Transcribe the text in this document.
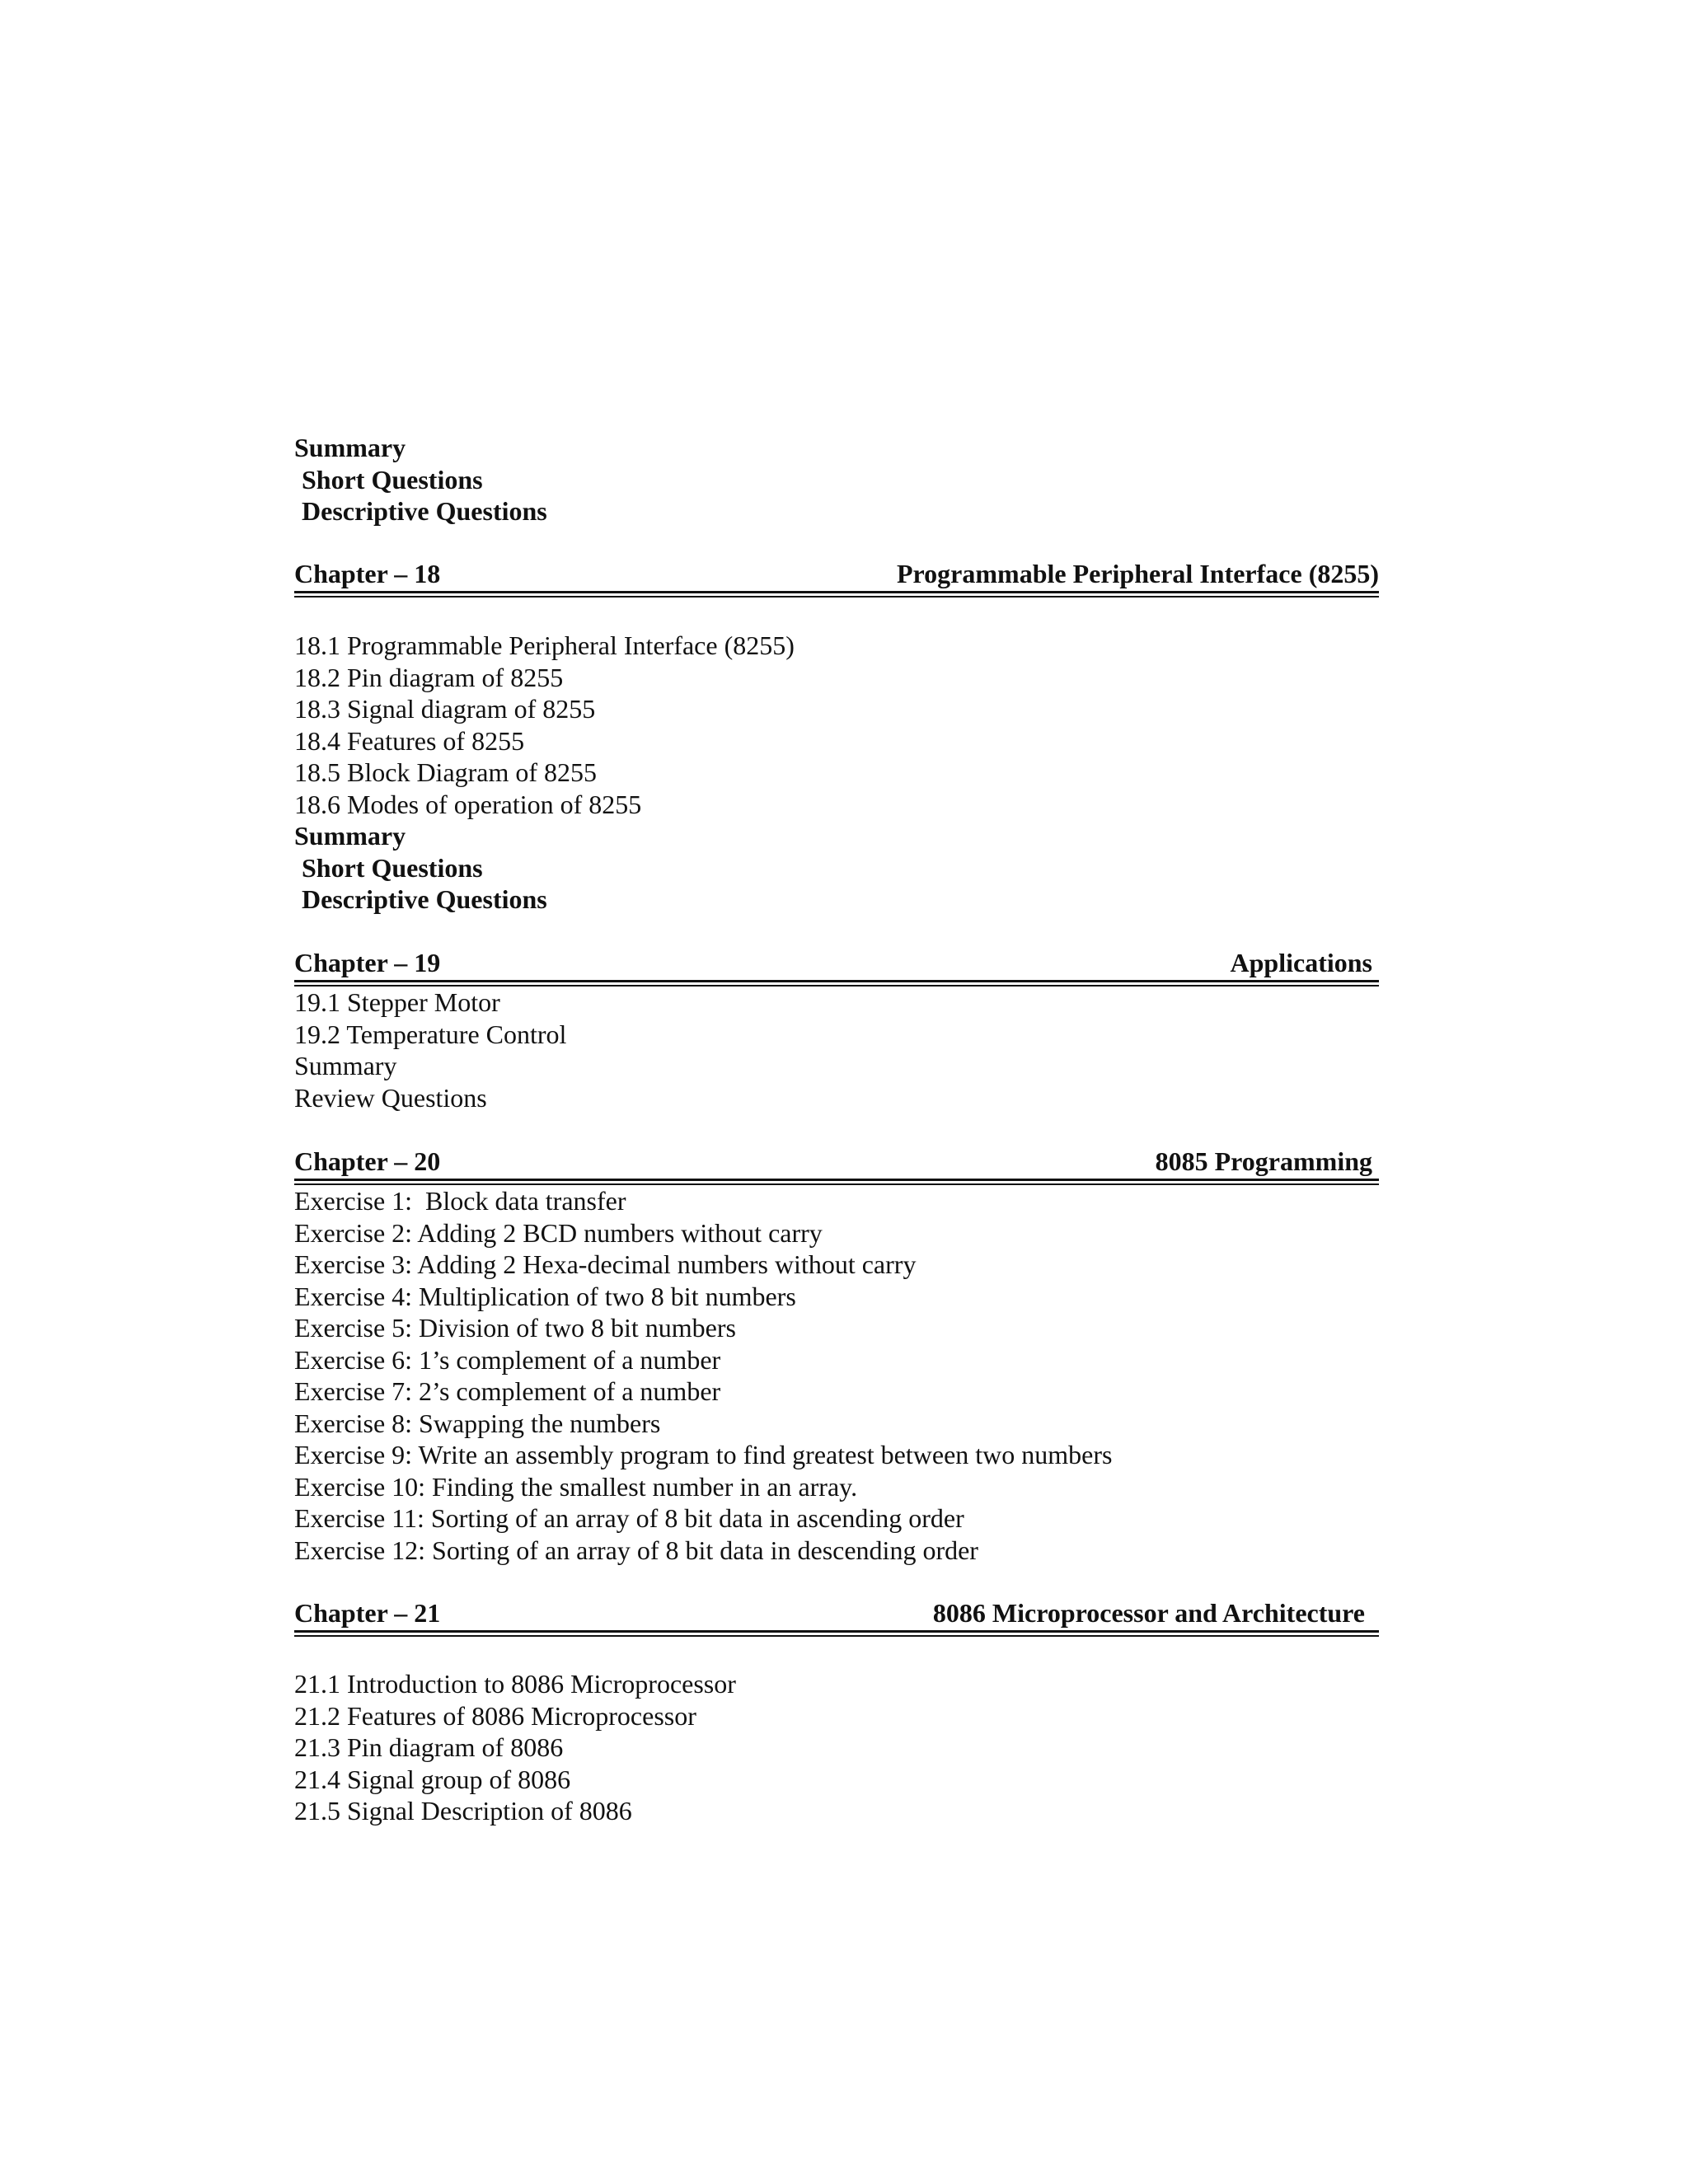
Summary
Short Questions
Descriptive Questions
Chapter – 18	Programmable Peripheral Interface (8255)
18.1 Programmable Peripheral Interface (8255)
18.2 Pin diagram of 8255
18.3 Signal diagram of 8255
18.4 Features of 8255
18.5 Block Diagram of 8255
18.6 Modes of operation of 8255
Summary
Short Questions
Descriptive Questions
Chapter – 19	Applications
19.1 Stepper Motor
19.2 Temperature Control
Summary
Review Questions
Chapter – 20	8085 Programming
Exercise 1:  Block data transfer
Exercise 2: Adding 2 BCD numbers without carry
Exercise 3: Adding 2 Hexa-decimal numbers without carry
Exercise 4: Multiplication of two 8 bit numbers
Exercise 5: Division of two 8 bit numbers
Exercise 6: 1’s complement of a number
Exercise 7: 2’s complement of a number
Exercise 8: Swapping the numbers
Exercise 9: Write an assembly program to find greatest between two numbers
Exercise 10: Finding the smallest number in an array.
Exercise 11: Sorting of an array of 8 bit data in ascending order
Exercise 12: Sorting of an array of 8 bit data in descending order
Chapter – 21	8086 Microprocessor and Architecture
21.1 Introduction to 8086 Microprocessor
21.2 Features of 8086 Microprocessor
21.3 Pin diagram of 8086
21.4 Signal group of 8086
21.5 Signal Description of 8086
